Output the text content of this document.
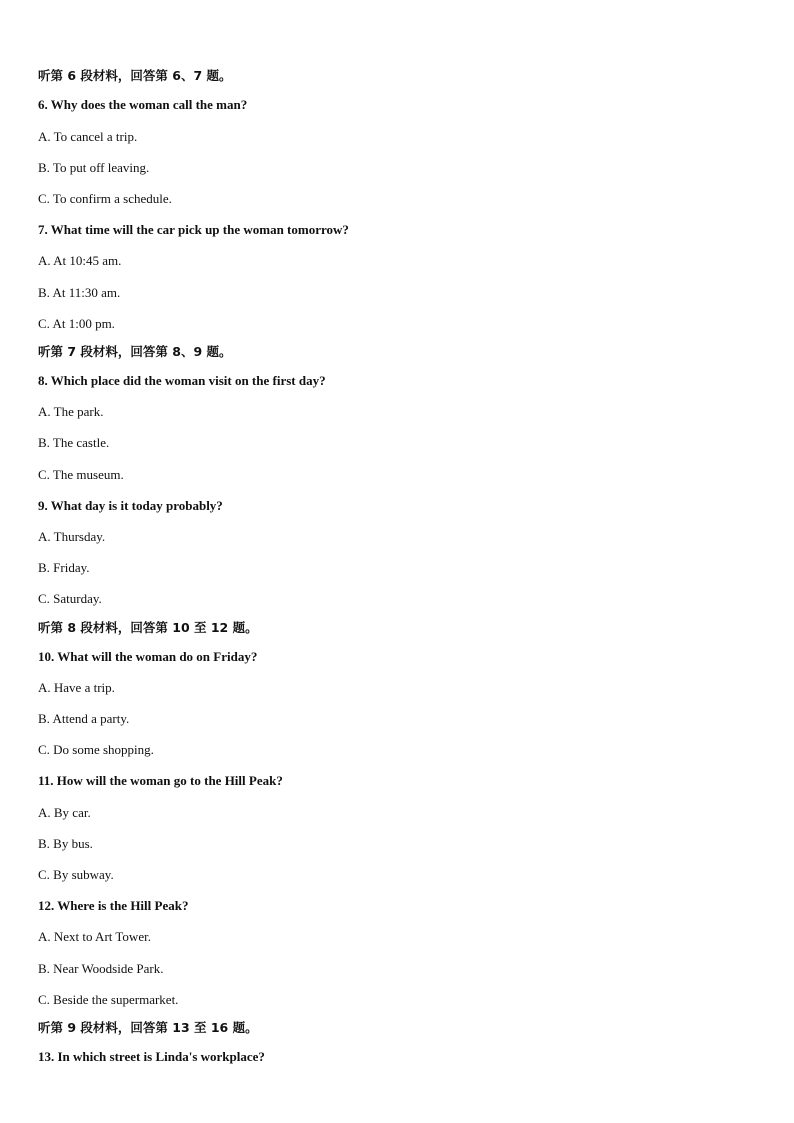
听第 6 段材料，回答第 6、7 题。
6. Why does the woman call the man?
A. To cancel a trip.
B. To put off leaving.
C. To confirm a schedule.
7. What time will the car pick up the woman tomorrow?
A. At 10:45 am.
B. At 11:30 am.
C. At 1:00 pm.
听第 7 段材料，回答第 8、9 题。
8. Which place did the woman visit on the first day?
A. The park.
B. The castle.
C. The museum.
9. What day is it today probably?
A. Thursday.
B. Friday.
C. Saturday.
听第 8 段材料，回答第 10 至 12 题。
10. What will the woman do on Friday?
A. Have a trip.
B. Attend a party.
C. Do some shopping.
11. How will the woman go to the Hill Peak?
A. By car.
B. By bus.
C. By subway.
12. Where is the Hill Peak?
A. Next to Art Tower.
B. Near Woodside Park.
C. Beside the supermarket.
听第 9 段材料，回答第 13 至 16 题。
13. In which street is Linda's workplace?
